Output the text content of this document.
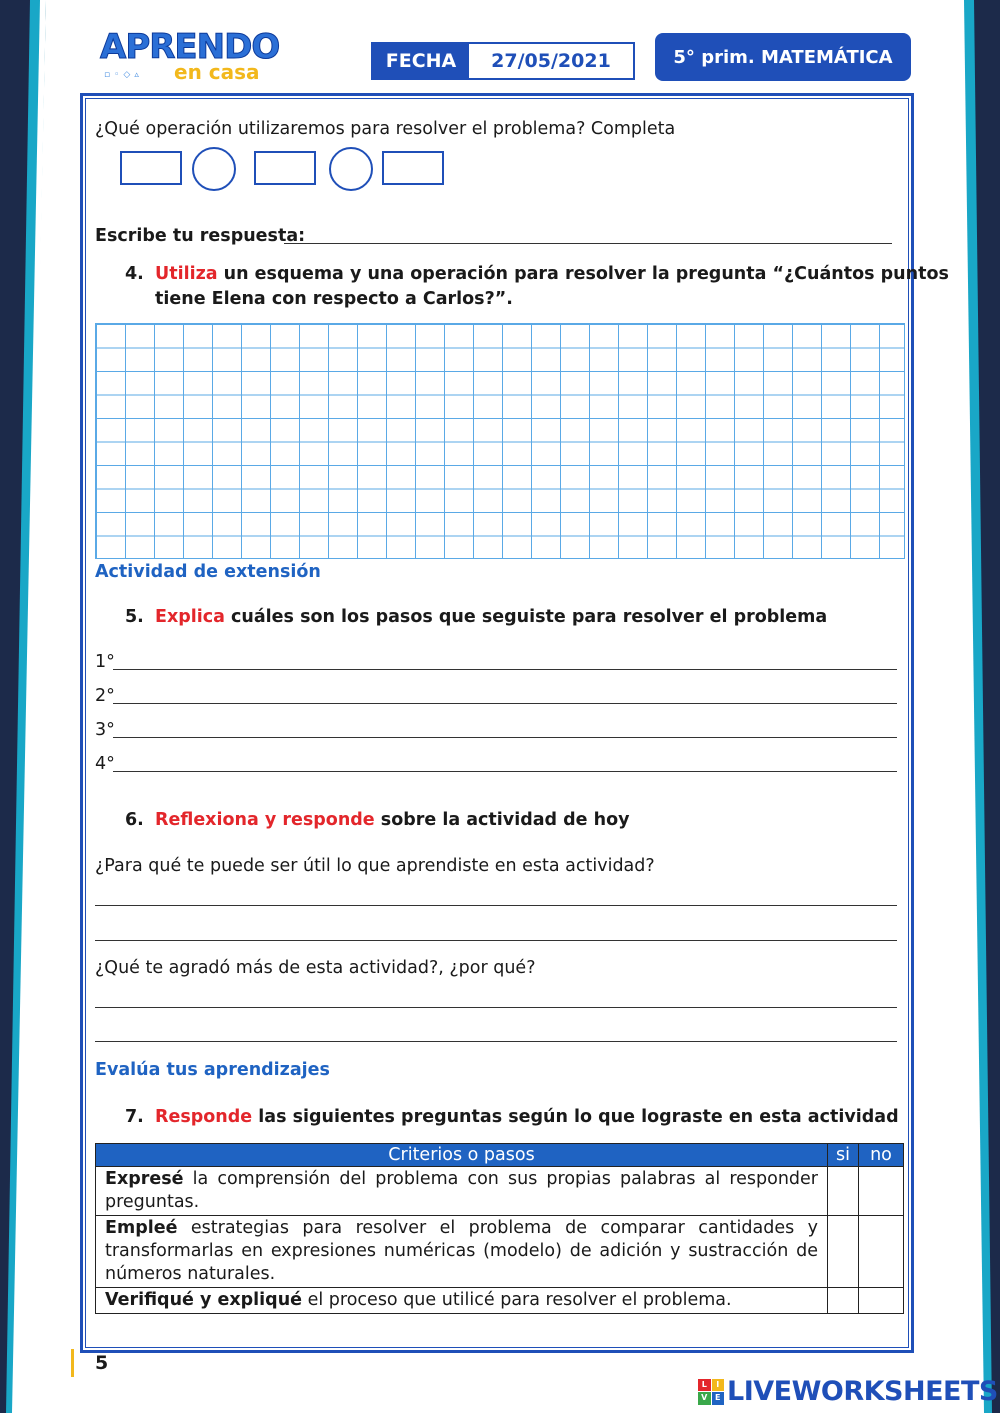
APRENDO
▫◦◇▵ en casa	FECHA	27/05/2021	5° prim. MATEMÁTICA
¿Qué operación utilizaremos para resolver el problema? Completa
Escribe tu respuesta:
4. Utiliza un esquema y una operación para resolver la pregunta “¿Cuántos puntos
tiene Elena con respecto a Carlos?”.
Actividad de extensión
5. Explica cuáles son los pasos que seguiste para resolver el problema
1°
2°
3°
4°
6. Reflexiona y responde sobre la actividad de hoy
¿Para qué te puede ser útil lo que aprendiste en esta actividad?
¿Qué te agradó más de esta actividad?, ¿por qué?
Evalúa tus aprendizajes
7. Responde las siguientes preguntas según lo que lograste en esta actividad
Criterios o pasos	si	no
Expresé la comprensión del problema con sus propias palabras al responder preguntas.		
Empleé estrategias para resolver el problema de comparar cantidades y transformarlas en expresiones numéricas (modelo) de adición y sustracción de números naturales.		
Verifiqué y expliqué el proceso que utilicé para resolver el problema.		
5
L	I
V E LIVEWORKSHEETS
